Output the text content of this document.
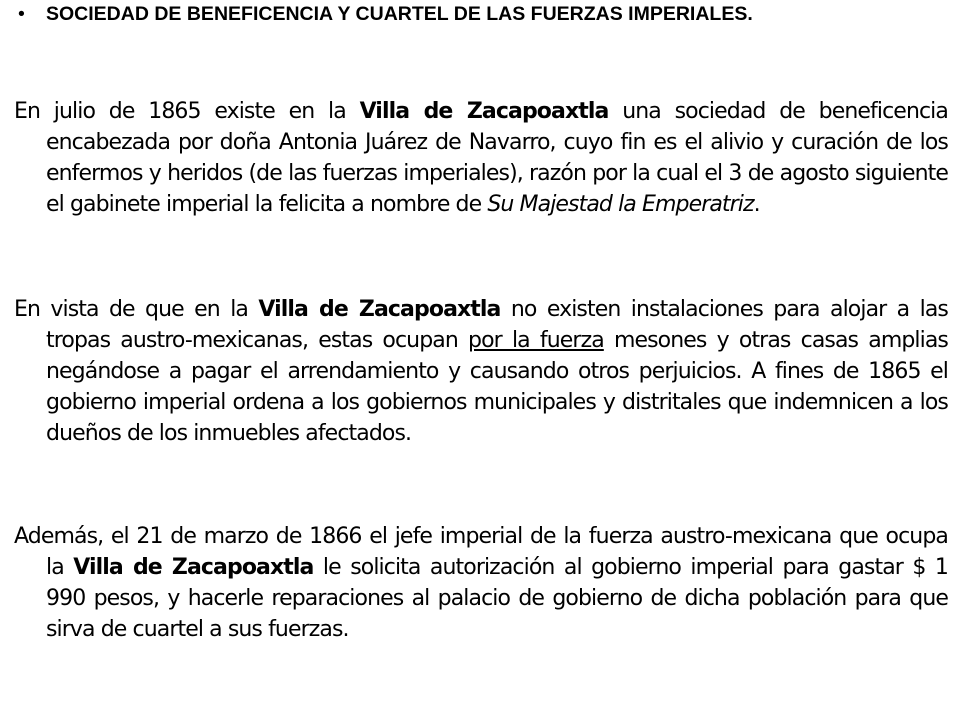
•	SOCIEDAD DE BENEFICENCIA Y CUARTEL DE LAS FUERZAS IMPERIALES.
En julio de 1865 existe en la Villa de Zacapoaxtla una sociedad de beneficencia encabezada por doña Antonia Juárez de Navarro, cuyo fin es el alivio y curación de los enfermos y heridos (de las fuerzas imperiales), razón por la cual el 3 de agosto siguiente el gabinete imperial la felicita a nombre de Su Majestad la Emperatriz.
En vista de que en la Villa de Zacapoaxtla no existen instalaciones para alojar a las tropas austro-mexicanas, estas ocupan por la fuerza mesones y otras casas amplias negándose a pagar el arrendamiento y causando otros perjuicios. A fines de 1865 el gobierno imperial ordena a los gobiernos municipales y distritales que indemnicen a los dueños de los inmuebles afectados.
Además, el 21 de marzo de 1866 el jefe imperial de la fuerza austro-mexicana que ocupa la Villa de Zacapoaxtla le solicita autorización al gobierno imperial para gastar $ 1 990 pesos, y hacerle reparaciones al palacio de gobierno de dicha población para que sirva de cuartel a sus fuerzas.
